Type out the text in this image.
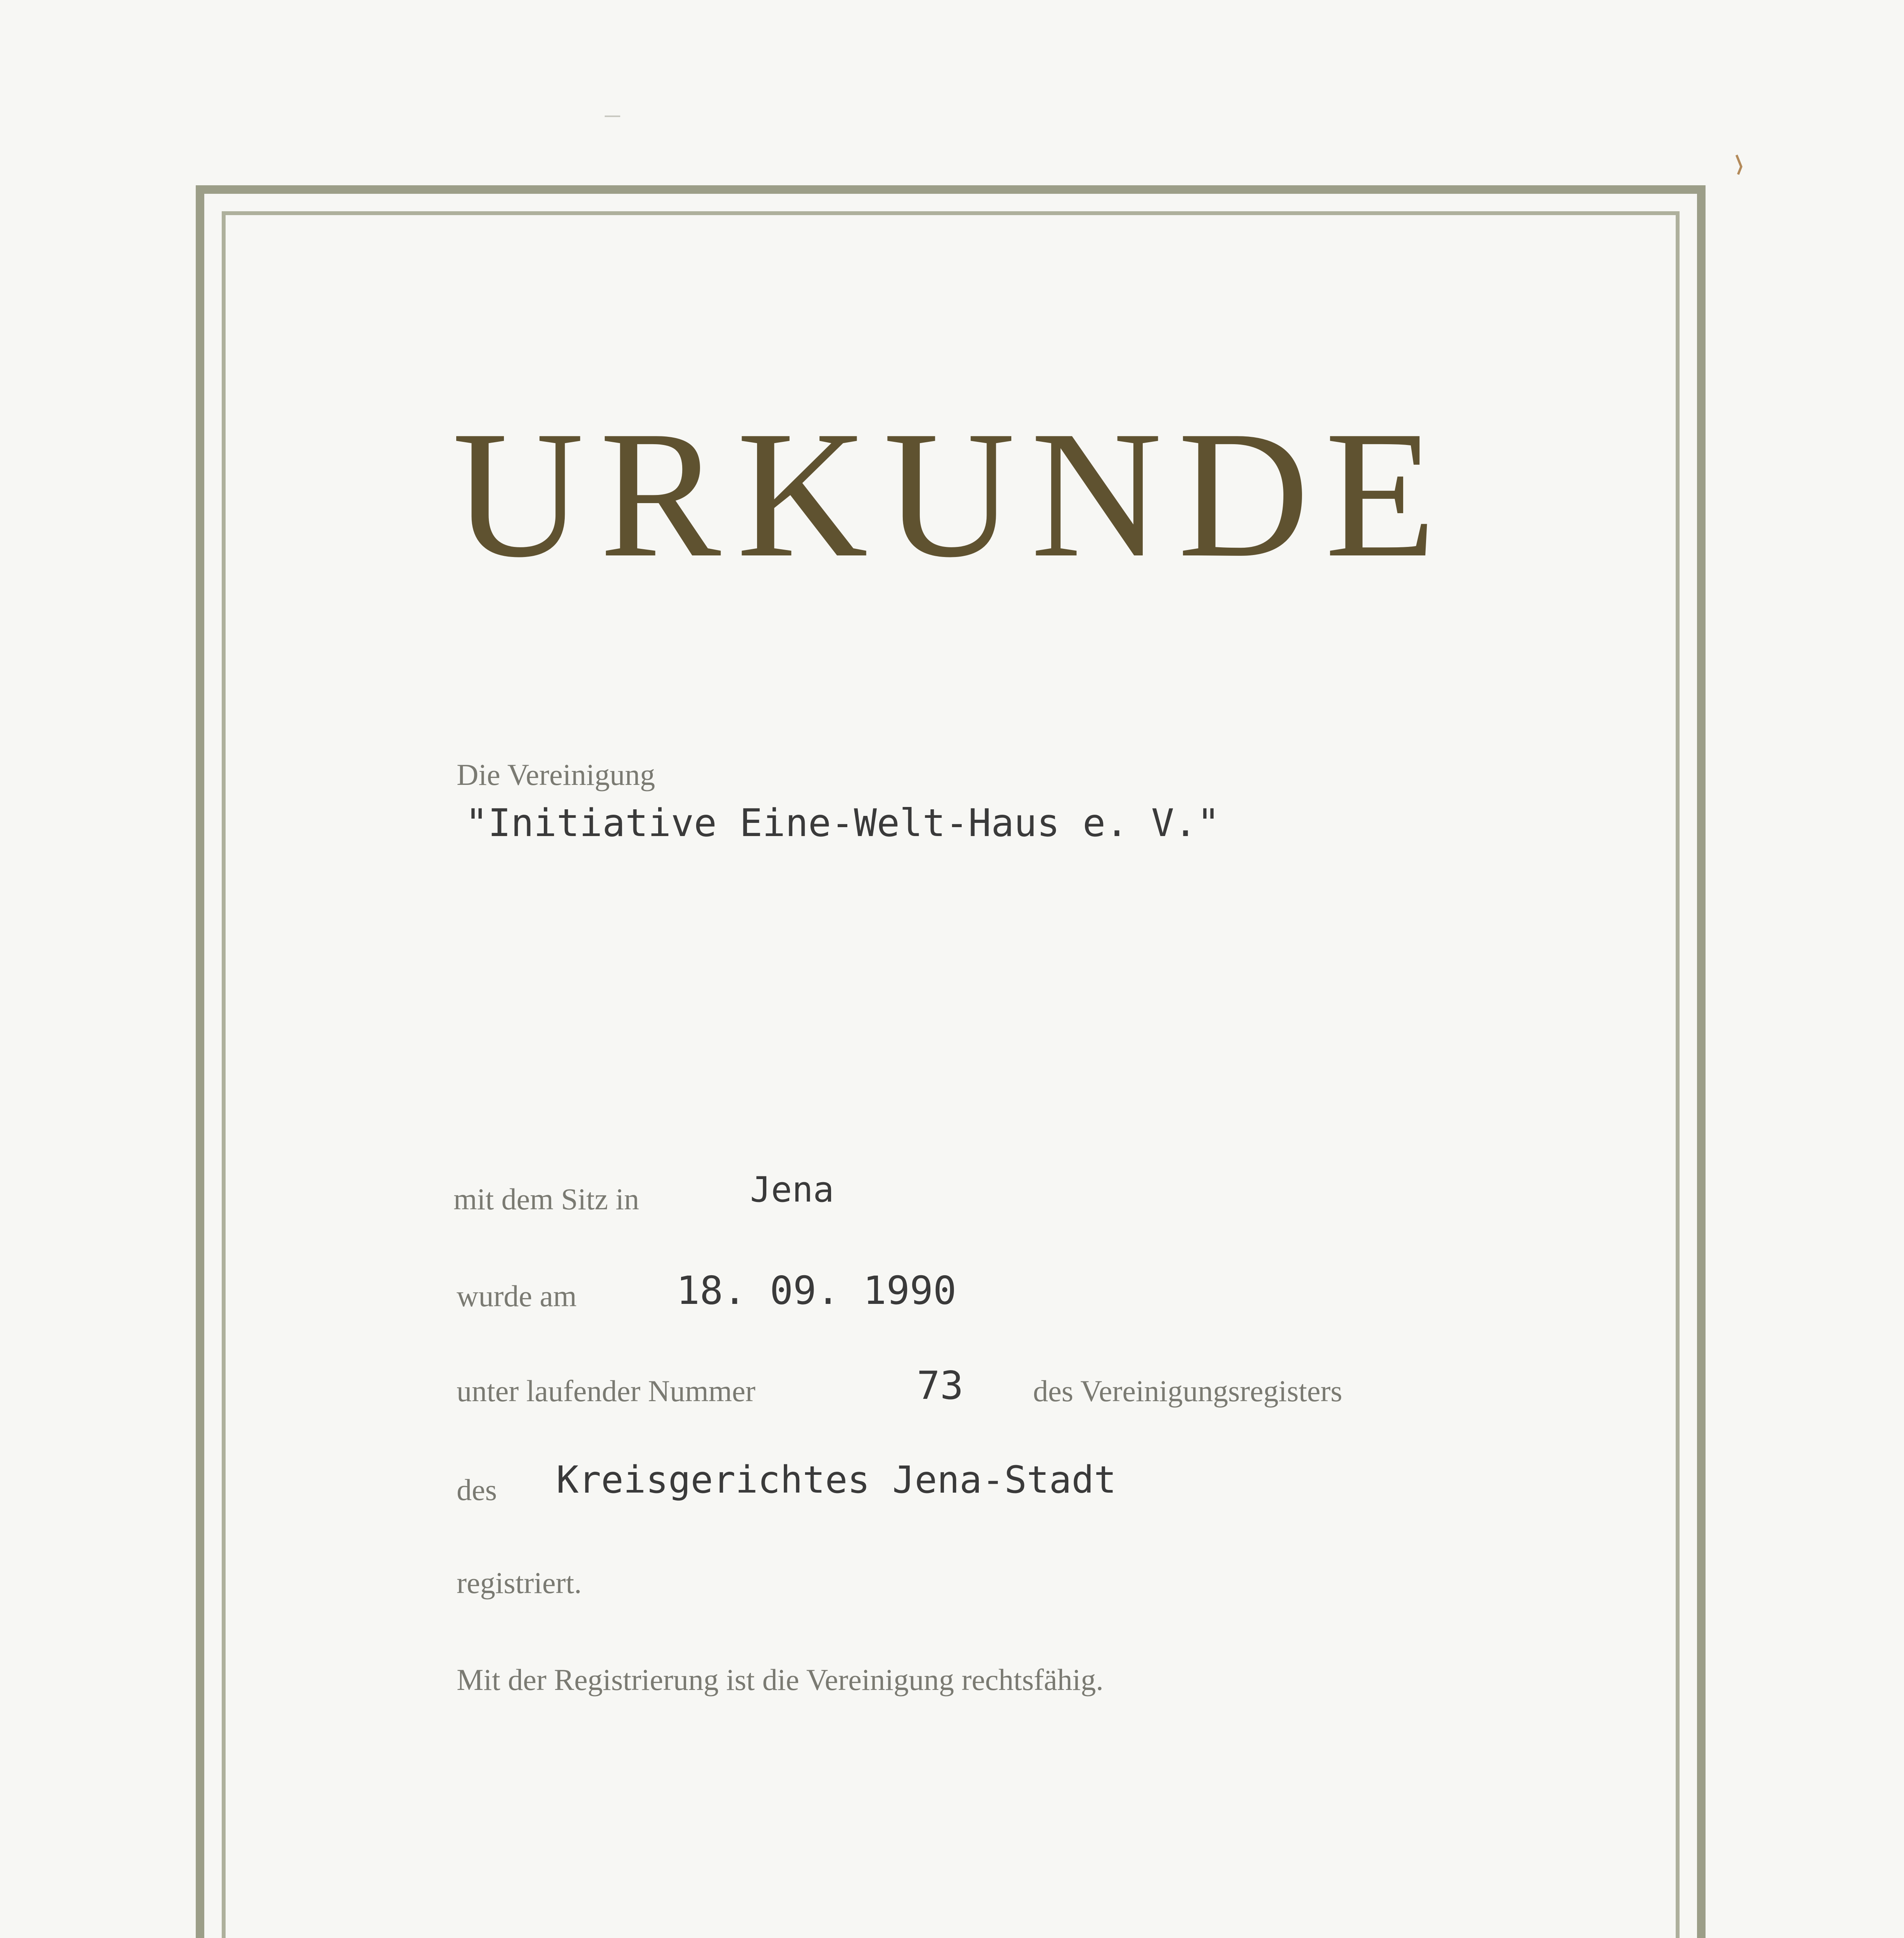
URKUNDE
Die Vereinigung
"Initiative Eine-Welt-Haus e. V."
mit dem Sitz in	Jena
wurde am	18. 09. 1990
unter laufender Nummer	73 des Vereinigungsregisters
des Kreisgerichtes Jena-Stadt
registriert.
Mit der Registrierung ist die Vereinigung rechtsfähig.
